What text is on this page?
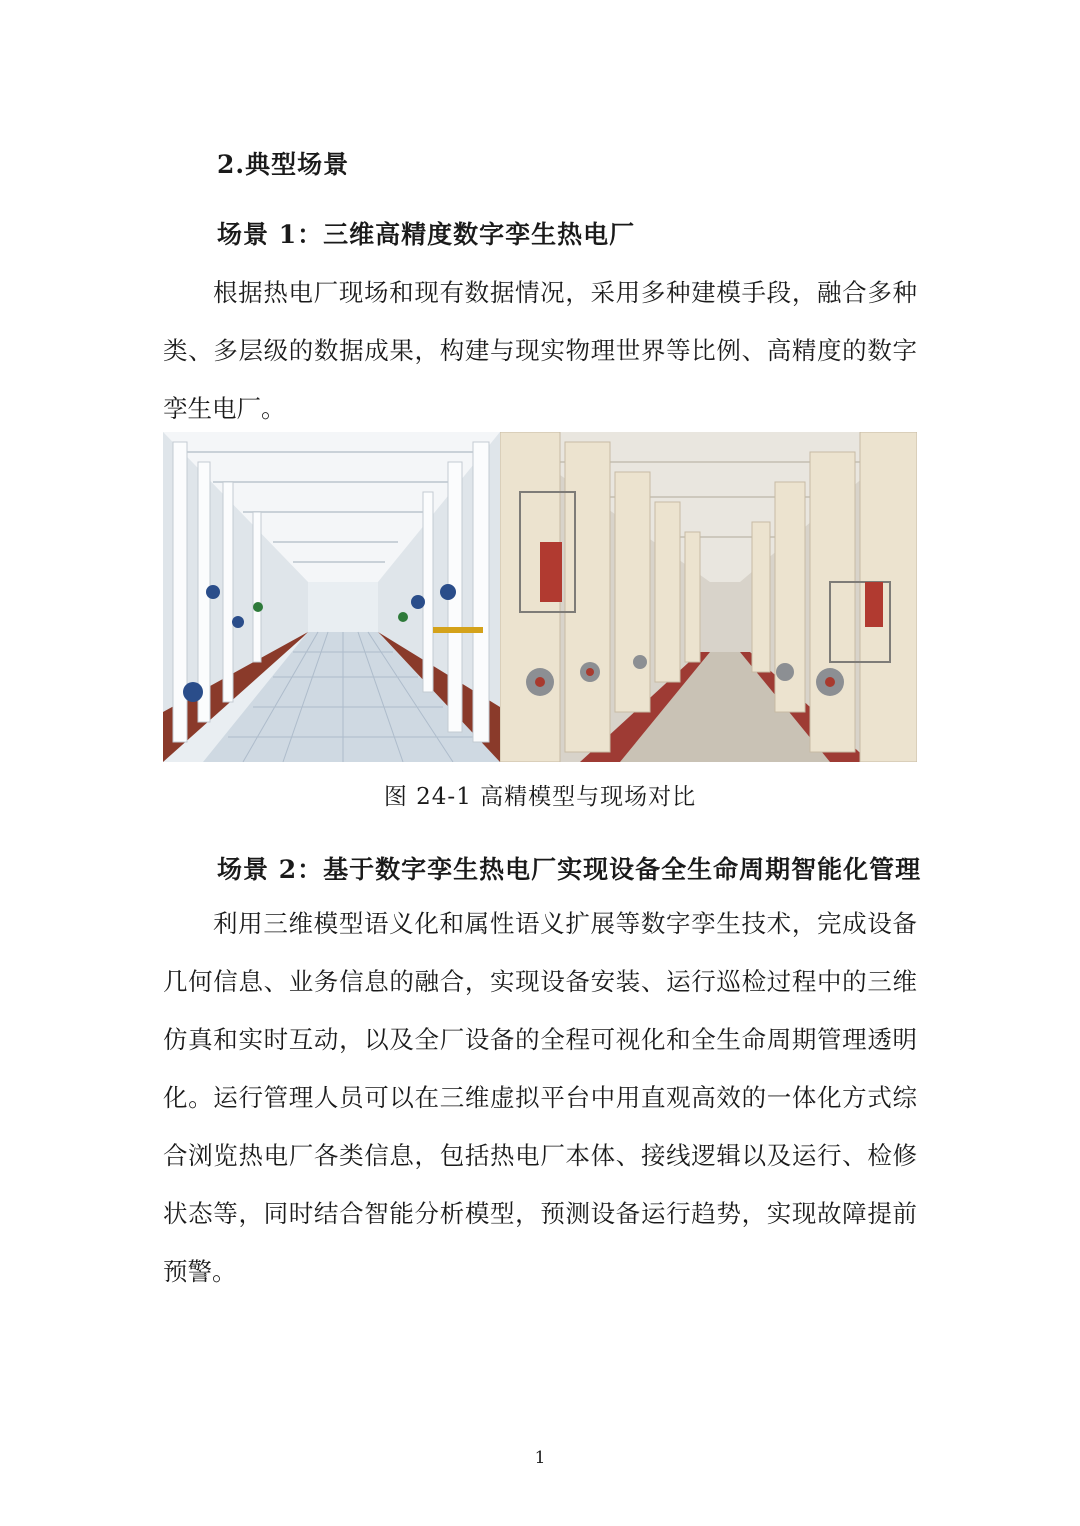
2.典型场景
场景 1：三维高精度数字孪生热电厂

根据热电厂现场和现有数据情况，采用多种建模手段，融合多种类、多层级的数据成果，构建与现实物理世界等比例、高精度的数字孪生电厂。

图 24-1 高精模型与现场对比
场景 2：基于数字孪生热电厂实现设备全生命周期智能化管理

利用三维模型语义化和属性语义扩展等数字孪生技术，完成设备几何信息、业务信息的融合，实现设备安装、运行巡检过程中的三维仿真和实时互动，以及全厂设备的全程可视化和全生命周期管理透明化。运行管理人员可以在三维虚拟平台中用直观高效的一体化方式综合浏览热电厂各类信息，包括热电厂本体、接线逻辑以及运行、检修状态等，同时结合智能分析模型，预测设备运行趋势，实现故障提前预警。

1
